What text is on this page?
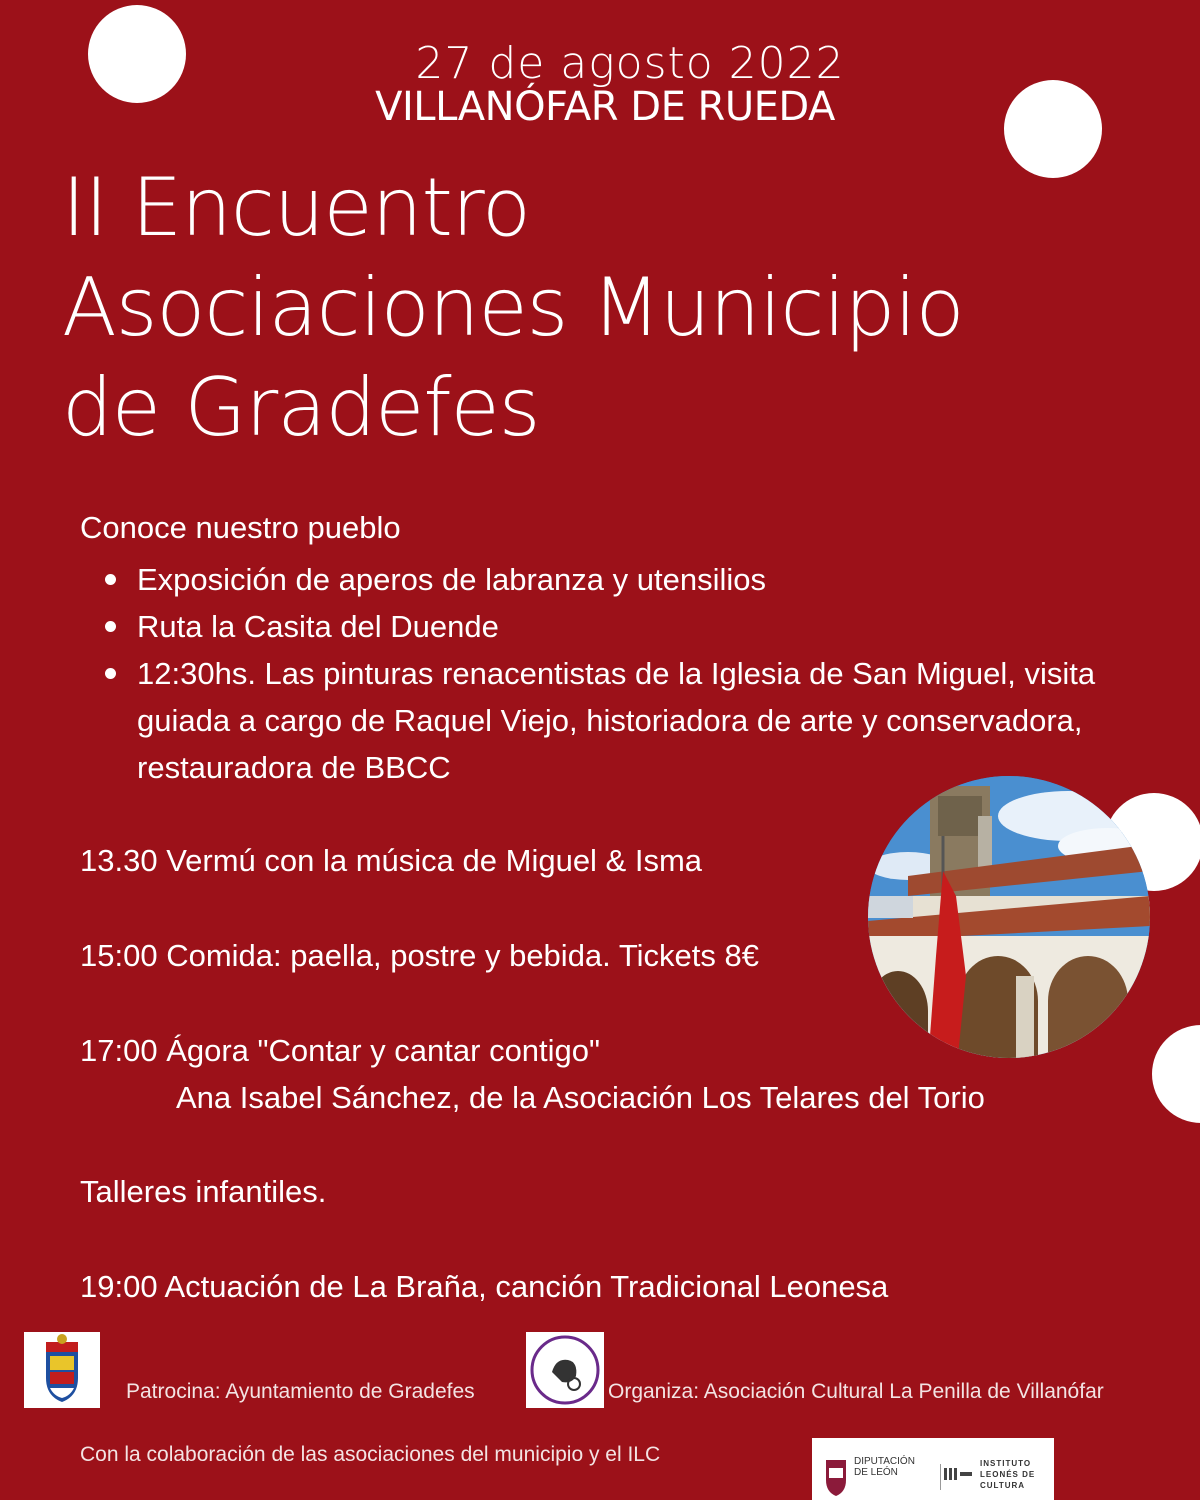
27 de agosto 2022
VILLANÓFAR DE RUEDA
II Encuentro
Asociaciones Municipio
de Gradefes
Conoce nuestro pueblo
Exposición de aperos de labranza y utensilios
Ruta la Casita del Duende
12:30hs. Las pinturas renacentistas de la Iglesia de San Miguel, visita guiada a cargo de Raquel Viejo, historiadora de arte y conservadora, restauradora de BBCC
13.30 Vermú con la música de Miguel & Isma
15:00 Comida: paella, postre y bebida. Tickets 8€
17:00 Ágora "Contar y cantar contigo"
Ana Isabel Sánchez, de la Asociación Los Telares del Torio
Talleres infantiles.
19:00 Actuación de La Braña, canción Tradicional Leonesa
Patrocina: Ayuntamiento de Gradefes	Organiza: Asociación Cultural La Penilla de Villanófar
Con la colaboración de las asociaciones del municipio y el ILC	DIPUTACIÓN DE LEÓN
INSTITUTO LEONÉS DE CULTURA
